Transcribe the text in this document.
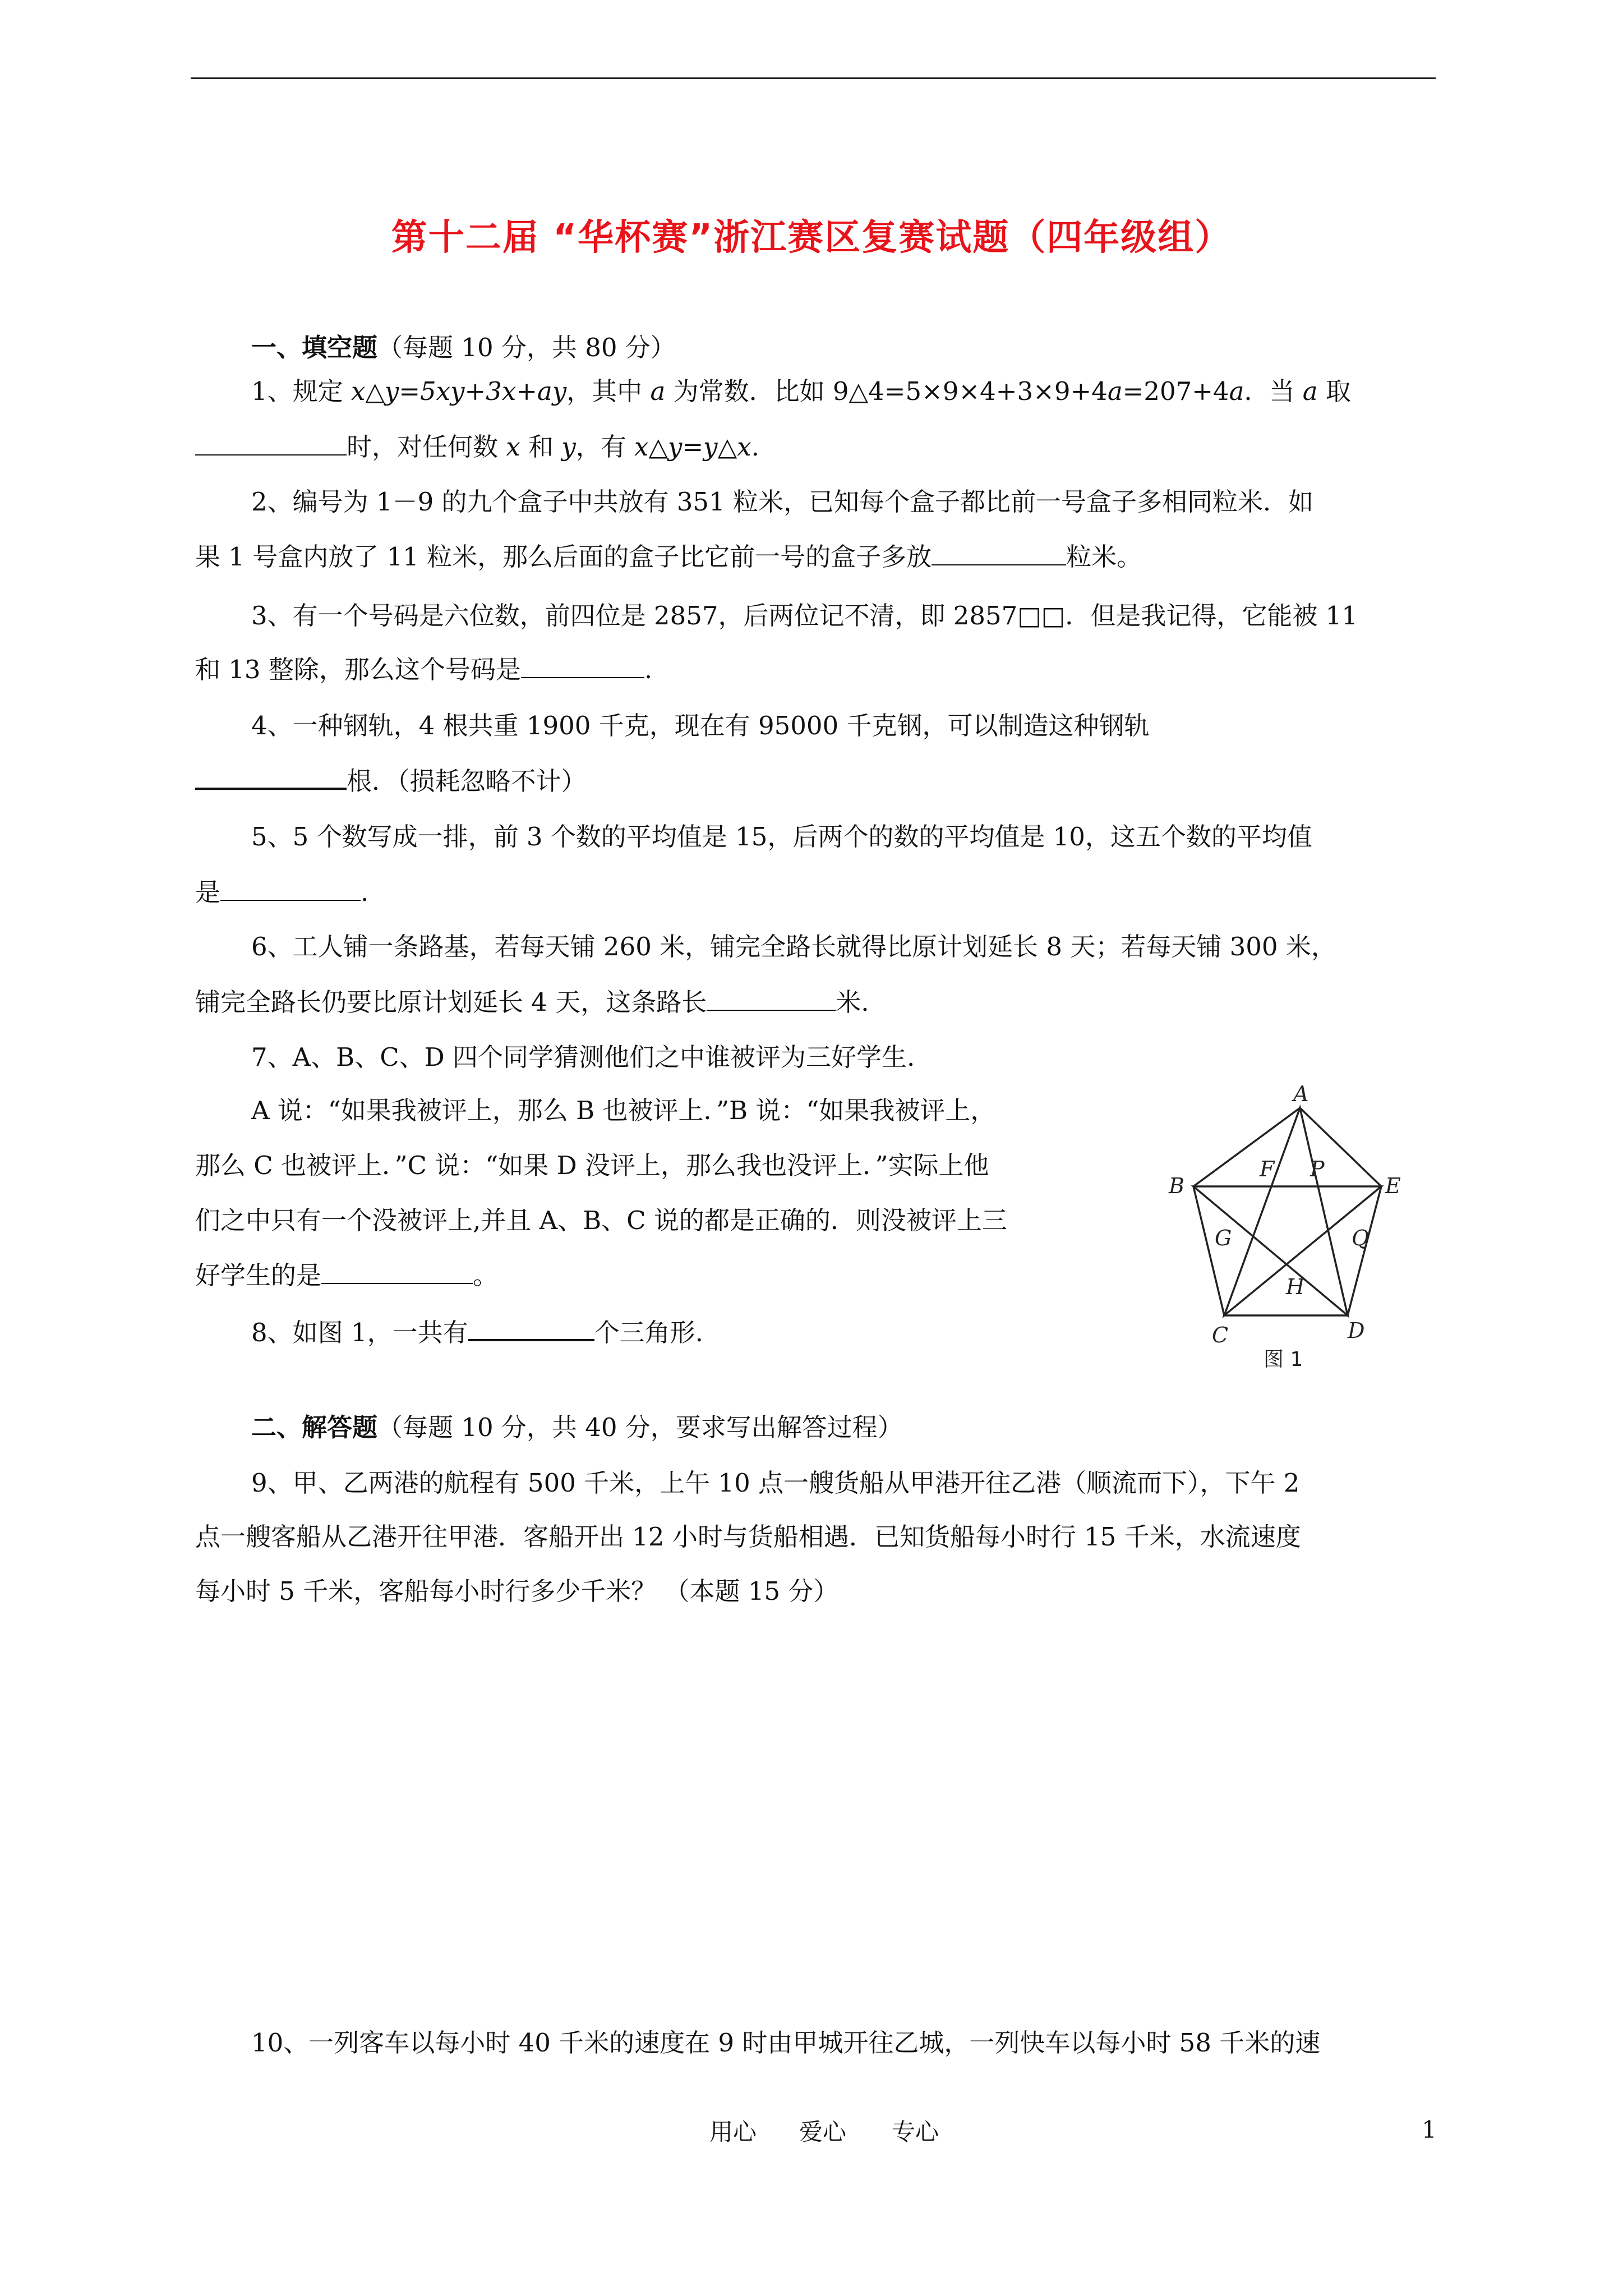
第十二届 “华杯赛”浙江赛区复赛试题（四年级组）
一、填空题（每题 10 分，共 80 分）
1、规定 x△y=5xy+3x+ay，其中 a 为常数．比如 9△4=5×9×4+3×9+4a=207+4a．当 a 取
时，对任何数 x 和 y，有 x△y=y△x.
2、编号为 1－9 的九个盒子中共放有 351 粒米，已知每个盒子都比前一号盒子多相同粒米．如
果 1 号盒内放了 11 粒米，那么后面的盒子比它前一号的盒子多放	粒米。
3、有一个号码是六位数，前四位是 2857，后两位记不清，即 2857□□．但是我记得，它能被 11
和 13 整除，那么这个号码是	.
4、一种钢轨，4 根共重 1900 千克，现在有 95000 千克钢，可以制造这种钢轨
根．（损耗忽略不计）
5、5 个数写成一排，前 3 个数的平均值是 15，后两个的数的平均值是 10，这五个数的平均值
是	.
6、工人铺一条路基，若每天铺 260 米，铺完全路长就得比原计划延长 8 天；若每天铺 300 米，
铺完全路长仍要比原计划延长 4 天，这条路长	米.
7、A、B、C、D 四个同学猜测他们之中谁被评为三好学生.
A 说：“如果我被评上，那么 B 也被评上．”B 说：“如果我被评上，
那么 C 也被评上．”C 说：“如果 D 没评上，那么我也没评上．”实际上他
们之中只有一个没被评上,并且 A、B、C 说的都是正确的．则没被评上三
好学生的是	。
8、如图 1，一共有	个三角形.
A
B
C	D
E
F P
G	Q
H
图 1
二、解答题（每题 10 分，共 40 分，要求写出解答过程）
9、甲、乙两港的航程有 500 千米，上午 10 点一艘货船从甲港开往乙港（顺流而下），下午 2
点一艘客船从乙港开往甲港．客船开出 12 小时与货船相遇．已知货船每小时行 15 千米，水流速度
每小时 5 千米，客船每小时行多少千米？ （本题 15 分）
10、一列客车以每小时 40 千米的速度在 9 时由甲城开往乙城，一列快车以每小时 58 千米的速
用心 爱心 专心	1
